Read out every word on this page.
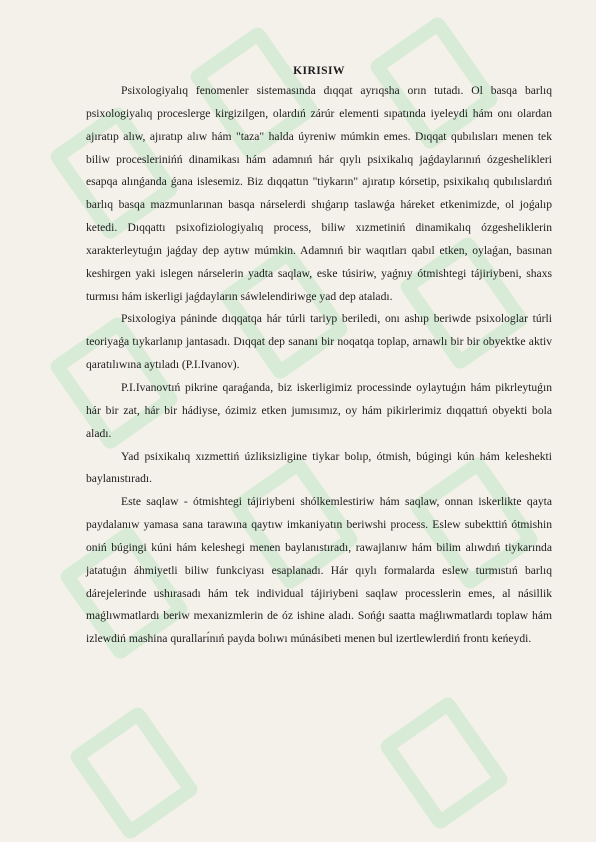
KIRISIW

Psixologiyalıq fenomenler sistemasında dıqqat ayrıqsha orın tutadı. Ol basqa barlıq psixologiyalıq proceslerge kirgizilgen, olardıń zárúr elementi sıpatında iyeleydi hám onı olardan ajıratıp alıw, ajıratıp alıw hám "taza" halda úyreniw múmkin emes. Dıqqat qubılısları menen tek biliw proceslerinińń dinamikası hám adamnıń hár qıylı psixikalıq jaǵdaylarınıń ózgeshelikleri esapqa alınǵanda ǵana islesemiz. Biz dıqqattın "tiykarın" ajıratıp kórsetip, psixikalıq qubılıslardıń barlıq basqa mazmunlarınan basqa nárselerdi shıǵarıp taslawǵa háreket etkenimizde, ol joǵalıp ketedi. Dıqqattı psixofiziologiyalıq process, biliw xızmetiniń dinamikalıq ózgesheliklerin xarakterleytuǵın jaǵday dep aytıw múmkin. Adamnıń bir waqıtları qabıl etken, oylaǵan, basınan keshirgen yaki islegen nárselerin yadta saqlaw, eske túsiriw, yaǵnıy ótmishtegi tájiriybeni, shaxs turmısı hám iskerligi jaǵdayların sáwlelendiriwge yad dep ataladı.

Psixologiya páninde dıqqatqa hár túrli tariyp beriledi, onı ashıp beriwde psixologlar túrli teoriyaǵa tıykarlanıp jantasadı. Dıqqat dep sananı bir noqatqa toplap, arnawlı bir bir obyektke aktiv qaratılıwına aytıladı (P.I.Ivanov).

P.I.Ivanovtıń pikrine qaraǵanda, biz iskerligimiz processinde oylaytuǵın hám pikrleytuǵın hár bir zat, hár bir hádiyse, ózimiz etken jumısımız, oy hám pikirlerimiz dıqqattıń obyekti bola aladı.

Yad psixikalıq xızmettiń úzliksizligine tiykar bolıp, ótmish, búgingi kún hám keleshekti baylanıstıradı.

Este saqlaw - ótmishtegi tájiriybeni shólkemlestiriw hám saqlaw, onnan iskerlikte qayta paydalanıw yamasa sana tarawına qaytıw imkaniyatın beriwshi process. Eslew subekttiń ótmishin oniń búgingi kúni hám keleshegi menen baylanıstıradı, rawajlanıw hám bilim alıwdıń tiykarında jatatuǵın áhmiyetli biliw funkciyası esaplanadı. Hár qıylı formalarda eslew turmıstıń barlıq dárejelerinde ushırasadı hám tek individual tájiriybeni saqlaw processlerin emes, al násillik maǵlıwmatlardı beriw mexanizmlerin de óz ishine aladı. Sońǵı saatta maǵlıwmatlardı toplaw hám izlewdiń mashina quralları́nıń payda bolıwı múnásibeti menen bul izertlewlerdiń frontı keńeydi.
